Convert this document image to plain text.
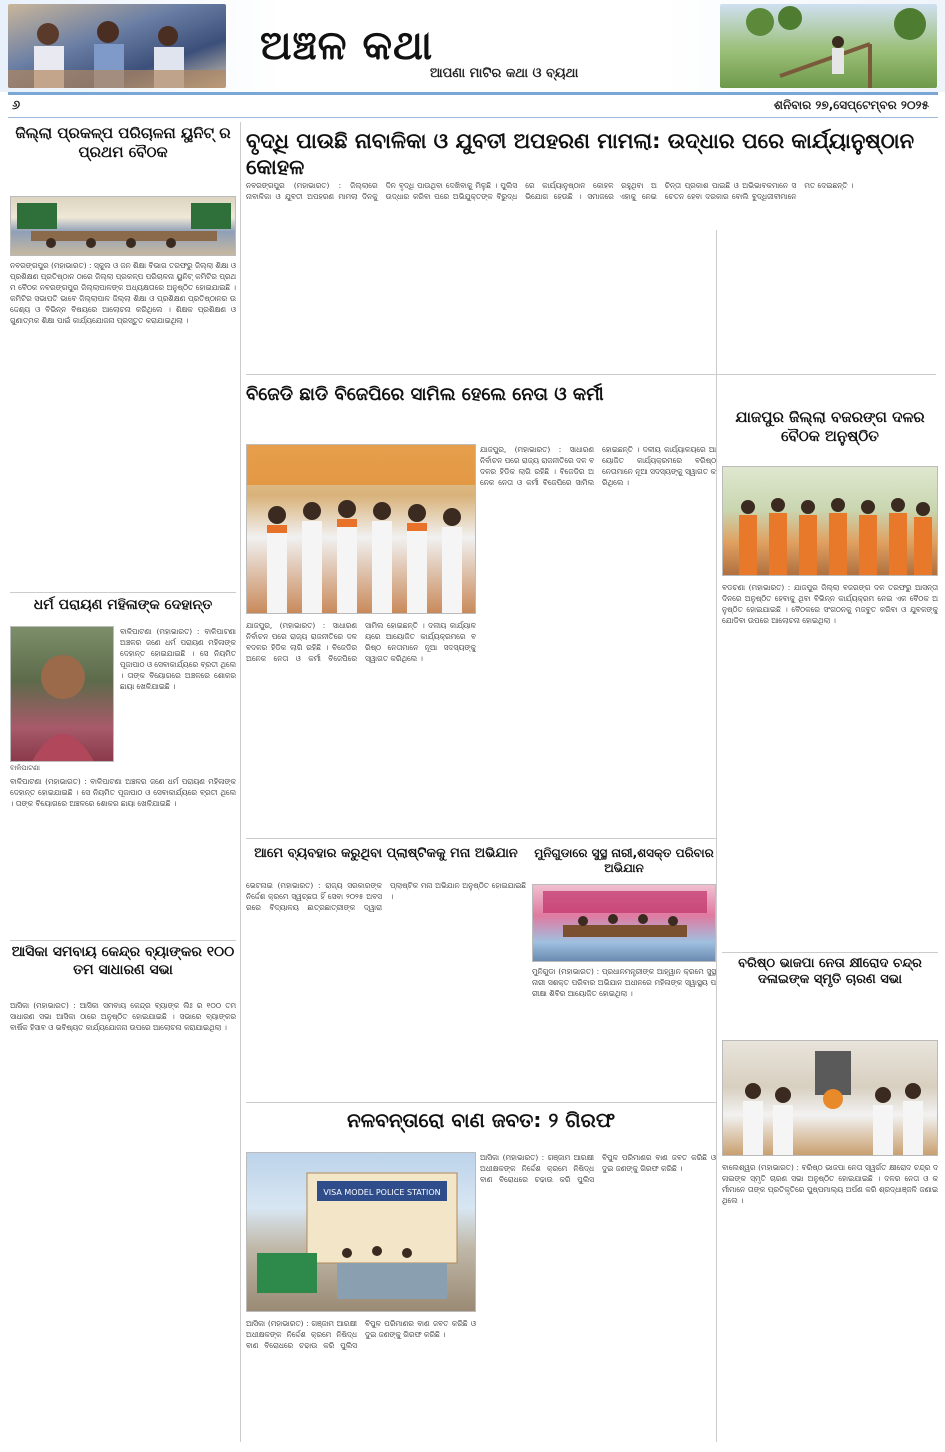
ଅଞ୍ଚଳ କଥା
ଆପଣା ମାଟିର କଥା ଓ ବ୍ୟଥା
୬	ଶନିବାର ୨୭,ସେପ୍ଟେମ୍ବର ୨୦୨୫
ଜିଲ୍ଲା ପ୍ରକଳ୍ପ ପରିଚାଳନା ୟୁନିଟ୍ ର ପ୍ରଥମ ବୈଠକ
ନବରଙ୍ଗପୁର (ମହାଭାରତ) : ସ୍କୁଲ ଓ ଜନ ଶିକ୍ଷା ବିଭାଗ ତରଫରୁ ଜିଲ୍ଲା ଶିକ୍ଷା ଓ ପ୍ରଶିକ୍ଷଣ ପ୍ରତିଷ୍ଠାନ ଠାରେ ଜିଲ୍ଲା ପ୍ରକଳ୍ପ ପରିଚାଳନା ୟୁନିଟ୍ କମିଟିର ପ୍ରଥମ ବୈଠକ ନବରଙ୍ଗପୁର ଜିଲ୍ଲାପାଳଙ୍କ ଅଧ୍ୟକ୍ଷତାରେ ଅନୁଷ୍ଠିତ ହୋଇଯାଇଛି । କମିଟିର ସଭାପତି ଭାବେ ଜିଲ୍ଲାପାଳ ଜିଲ୍ଲା ଶିକ୍ଷା ଓ ପ୍ରଶିକ୍ଷଣ ପ୍ରତିଷ୍ଠାନର ଉଦ୍ଦେଶ୍ୟ ଓ ବିଭିନ୍ନ ବିଷୟରେ ଆଲୋଚନା କରିଥିଲେ । ଶିକ୍ଷକ ପ୍ରଶିକ୍ଷଣ ଓ ଗୁଣାତ୍ମକ ଶିକ୍ଷା ପାଇଁ କାର୍ଯ୍ୟଯୋଜନା ପ୍ରସ୍ତୁତ କରାଯାଇଥିଲା ।
ଧର୍ମ ପରାୟଣ ମହିଳାଙ୍କ ଦେହାନ୍ତ
ବାଳିପାଟଣା
ବାଳିପାଟଣା (ମହାଭାରତ) : ବାଳିପାଟଣା ଅଞ୍ଚଳର ଜଣେ ଧର୍ମ ପରାୟଣ ମହିଳାଙ୍କ ଦେହାନ୍ତ ହୋଇଯାଇଛି । ସେ ନିୟମିତ ପୂଜାପାଠ ଓ ସେବାକାର୍ଯ୍ୟରେ ବ୍ରତୀ ଥିଲେ । ତାଙ୍କ ବିୟୋଗରେ ଅଞ୍ଚଳରେ ଶୋକର ଛାୟା ଖେଳିଯାଇଛି ।
ବାଳିପାଟଣା (ମହାଭାରତ) : ବାଳିପାଟଣା ଅଞ୍ଚଳର ଜଣେ ଧର୍ମ ପରାୟଣ ମହିଳାଙ୍କ ଦେହାନ୍ତ ହୋଇଯାଇଛି । ସେ ନିୟମିତ ପୂଜାପାଠ ଓ ସେବାକାର୍ଯ୍ୟରେ ବ୍ରତୀ ଥିଲେ । ତାଙ୍କ ବିୟୋଗରେ ଅଞ୍ଚଳରେ ଶୋକର ଛାୟା ଖେଳିଯାଇଛି ।
ଆସିକା ସମବାୟ କେନ୍ଦ୍ର ବ୍ୟାଙ୍କର ୧୦୦ ତମ ସାଧାରଣ ସଭା
ଆସିକା (ମହାଭାରତ) : ଆସିକା ସମବାୟ କେନ୍ଦ୍ର ବ୍ୟାଙ୍କ ଲିଃ ର ୧୦୦ ତମ ସାଧାରଣ ସଭା ଆସିକା ଠାରେ ଅନୁଷ୍ଠିତ ହୋଇଯାଇଛି । ସଭାରେ ବ୍ୟାଙ୍କର ବାର୍ଷିକ ହିସାବ ଓ ଭବିଷ୍ୟତ କାର୍ଯ୍ୟଯୋଜନା ଉପରେ ଆଲୋଚନା କରାଯାଇଥିଲା ।
ବୃଦ୍ଧି ପାଉଛି ନାବାଳିକା ଓ ଯୁବତୀ ଅପହରଣ ମାମଲା: ଉଦ୍ଧାର ପରେ କାର୍ଯ୍ୟାନୁଷ୍ଠାନ କୋହଳ
ନବରଙ୍ଗପୁର (ମହାଭାରତ) : ଜିଲ୍ଲାରେ ନାବାଳିକା ଓ ଯୁବତୀ ଅପହରଣ ମାମଲା ଦିନକୁ ଦିନ ବୃଦ୍ଧି ପାଉଥିବା ଦେଖିବାକୁ ମିଳୁଛି । ପୁଲିସ ଉଦ୍ଧାର କରିବା ପରେ ଅଭିଯୁକ୍ତଙ୍କ ବିରୁଦ୍ଧରେ କାର୍ଯ୍ୟାନୁଷ୍ଠାନ କୋହଳ ରହୁଥିବା ଅଭିଯୋଗ ହେଉଛି । ସମାଜରେ ଏହାକୁ ନେଇ ଚିନ୍ତା ପ୍ରକାଶ ପାଇଛି ଓ ଅଭିଭାବକମାନେ ସଚେତନ ହେବା ଦରକାର ବୋଲି ବୁଦ୍ଧିଜୀବୀମାନେ ମତ ଦେଇଛନ୍ତି ।
ବିଜେଡି ଛାଡି ବିଜେପିରେ ସାମିଲ ହେଲେ ନେତା ଓ କର୍ମୀ
ଯାଜପୁର, (ମହାଭାରତ) : ସାଧାରଣ ନିର୍ବାଚନ ପରେ ରାଜ୍ୟ ରାଜନୀତିରେ ଦଳ ବଦଳର ହିଡିକ ଲାଗି ରହିଛି । ବିଜେଡିର ଅନେକ ନେତା ଓ କର୍ମୀ ବିଜେପିରେ ସାମିଲ ହୋଇଛନ୍ତି । ଦଳୀୟ କାର୍ଯ୍ୟାଳୟରେ ଆୟୋଜିତ କାର୍ଯ୍ୟକ୍ରମରେ ବରିଷ୍ଠ ନେତାମାନେ ନୂଆ ସଦସ୍ୟଙ୍କୁ ସ୍ୱାଗତ କରିଥିଲେ ।
ଯାଜପୁର, (ମହାଭାରତ) : ସାଧାରଣ ନିର୍ବାଚନ ପରେ ରାଜ୍ୟ ରାଜନୀତିରେ ଦଳ ବଦଳର ହିଡିକ ଲାଗି ରହିଛି । ବିଜେଡିର ଅନେକ ନେତା ଓ କର୍ମୀ ବିଜେପିରେ ସାମିଲ ହୋଇଛନ୍ତି । ଦଳୀୟ କାର୍ଯ୍ୟାଳୟରେ ଆୟୋଜିତ କାର୍ଯ୍ୟକ୍ରମରେ ବରିଷ୍ଠ ନେତାମାନେ ନୂଆ ସଦସ୍ୟଙ୍କୁ ସ୍ୱାଗତ କରିଥିଲେ ।
ଯାଜପୁର ଜିଲ୍ଲା ବଜରଙ୍ଗ ଦଳର ବୈଠକ ଅନୁଷ୍ଠିତ
ବଡଚଣା (ମହାଭାରତ) : ଯାଜପୁର ଜିଲ୍ଲା ବଜରଙ୍ଗ ଦଳ ତରଫରୁ ଆସନ୍ତା ଦିନରେ ଅନୁଷ୍ଠିତ ହେବାକୁ ଥିବା ବିଭିନ୍ନ କାର୍ଯ୍ୟକ୍ରମ ନେଇ ଏକ ବୈଠକ ଅନୁଷ୍ଠିତ ହୋଇଯାଇଛି । ବୈଠକରେ ସଂଗଠନକୁ ମଜବୁତ କରିବା ଓ ଯୁବକଙ୍କୁ ଯୋଡିବା ଉପରେ ଆଲୋଚନା ହୋଇଥିଲା ।
ଆମେ ବ୍ୟବହାର କରୁଥିବା ପ୍ଲାଷ୍ଟିକକୁ ମନା ଅଭିଯାନ
ଭେଟନାଇ (ମହାଭାରତ) : ରାଜ୍ୟ ସରକାରଙ୍କ ନିର୍ଦ୍ଦେଶ କ୍ରମେ ସ୍ୱଚ୍ଛତା ହିଁ ସେବା ୨୦୨୫ ଅବସରରେ ବିଦ୍ୟାଳୟ ଛାତ୍ରଛାତ୍ରୀଙ୍କ ଦ୍ୱାରା ପ୍ଲାଷ୍ଟିକ ମନା ଅଭିଯାନ ଅନୁଷ୍ଠିତ ହୋଇଯାଇଛି ।
ମୁନିଗୁଡାରେ ସୁସ୍ଥ ନାରୀ,ଶସକ୍ତ ପରିବାର ଅଭିଯାନ
ମୁନିଗୁଡା (ମହାଭାରତ) : ପ୍ରଧାନମନ୍ତ୍ରୀଙ୍କ ଆହ୍ୱାନ କ୍ରମେ ସୁସ୍ଥ ନାରୀ ସଶକ୍ତ ପରିବାର ଅଭିଯାନ ଅଧୀନରେ ମହିଳାଙ୍କ ସ୍ୱାସ୍ଥ୍ୟ ପରୀକ୍ଷା ଶିବିର ଆୟୋଜିତ ହୋଇଥିଲା ।
ବରିଷ୍ଠ ଭାଜପା ନେତା କ୍ଷୀରୋଦ ଚନ୍ଦ୍ର ଦଳାଇଙ୍କ ସ୍ମୃତି ଚାରଣ ସଭା
ବାଲେଶ୍ୱର (ମହାଭାରତ) : ବରିଷ୍ଠ ଭାଜପା ନେତା ସ୍ୱର୍ଗତ କ୍ଷୀରୋଦ ଚନ୍ଦ୍ର ଦଳାଇଙ୍କ ସ୍ମୃତି ଚାରଣ ସଭା ଅନୁଷ୍ଠିତ ହୋଇଯାଇଛି । ଦଳର ନେତା ଓ କର୍ମୀମାନେ ତାଙ୍କ ପ୍ରତିକୃତିରେ ପୁଷ୍ପମାଲ୍ୟ ଅର୍ପଣ କରି ଶ୍ରଦ୍ଧାଞ୍ଜଳି ଜଣାଇଥିଲେ ।
ନଳବନ୍ତାରୋ ବାଣ ଜବତ: ୨ ଗିରଫ
VISA MODEL POLICE STATION
ଆସିକା (ମହାଭାରତ) : ଗଞ୍ଜାମ ଆରକ୍ଷୀ ଅଧୀକ୍ଷକଙ୍କ ନିର୍ଦ୍ଦେଶ କ୍ରମେ ନିଷିଦ୍ଧ ବାଣ ବିରୋଧରେ ଚଢାଉ କରି ପୁଲିସ ବିପୁଳ ପରିମାଣର ବାଣ ଜବତ କରିଛି ଓ ଦୁଇ ଜଣଙ୍କୁ ଗିରଫ କରିଛି ।
ଆସିକା (ମହାଭାରତ) : ଗଞ୍ଜାମ ଆରକ୍ଷୀ ଅଧୀକ୍ଷକଙ୍କ ନିର୍ଦ୍ଦେଶ କ୍ରମେ ନିଷିଦ୍ଧ ବାଣ ବିରୋଧରେ ଚଢାଉ କରି ପୁଲିସ ବିପୁଳ ପରିମାଣର ବାଣ ଜବତ କରିଛି ଓ ଦୁଇ ଜଣଙ୍କୁ ଗିରଫ କରିଛି ।
